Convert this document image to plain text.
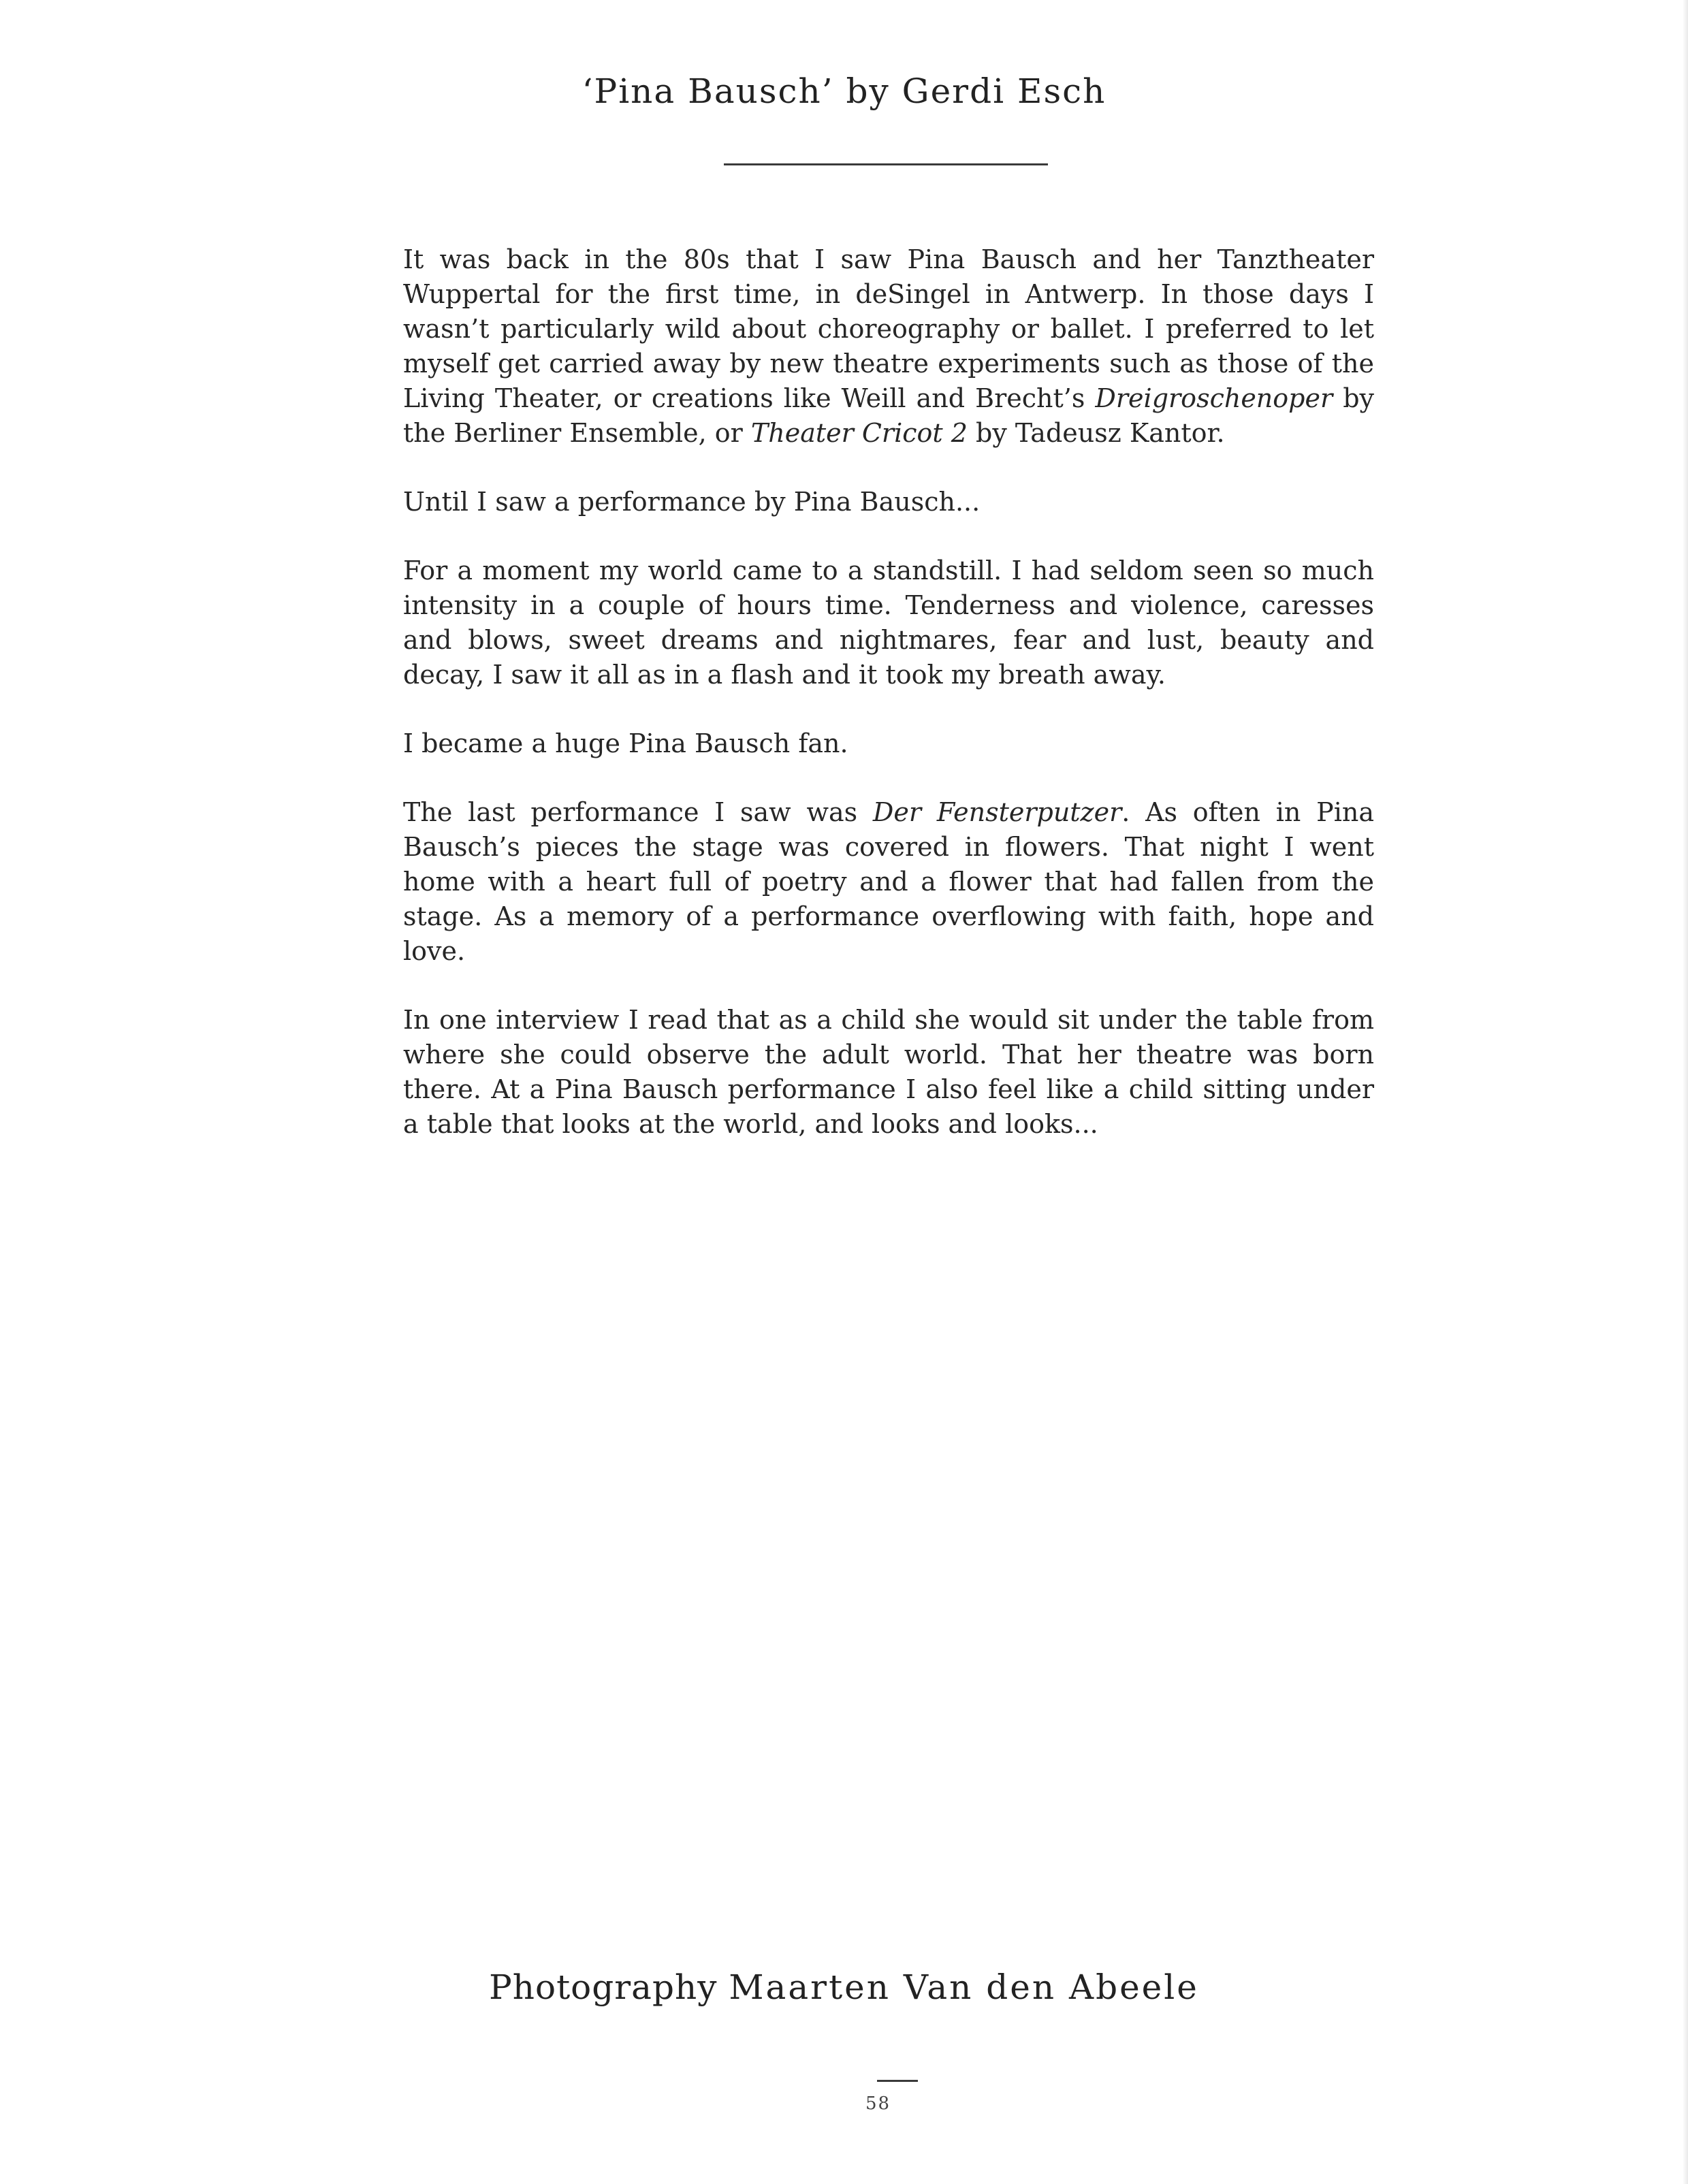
‘Pina Bausch’ by Gerdi Esch

It was back in the 80s that I saw Pina Bausch and her Tanztheater Wuppertal for the first time, in deSingel in Antwerp. In those days I wasn’t particularly wild about choreography or ballet. I preferred to let myself get carried away by new theatre experiments such as those of the Living Theater, or creations like Weill and Brecht’s Dreigroschenoper by the Berliner Ensemble, or Theater Cricot 2 by Tadeusz Kantor.

Until I saw a performance by Pina Bausch...

For a moment my world came to a standstill. I had seldom seen so much intensity in a couple of hours time. Tenderness and violence, caresses and blows, sweet dreams and nightmares, fear and lust, beauty and decay, I saw it all as in a flash and it took my breath away.

I became a huge Pina Bausch fan.

The last performance I saw was Der Fensterputzer. As often in Pina Bausch’s pieces the stage was covered in flowers. That night I went home with a heart full of poetry and a flower that had fallen from the stage. As a memory of a performance overflowing with faith, hope and love.

In one interview I read that as a child she would sit under the table from where she could observe the adult world. That her theatre was born there. At a Pina Bausch performance I also feel like a child sitting under a table that looks at the world, and looks and looks...

Photography Maarten Van den Abeele
58
